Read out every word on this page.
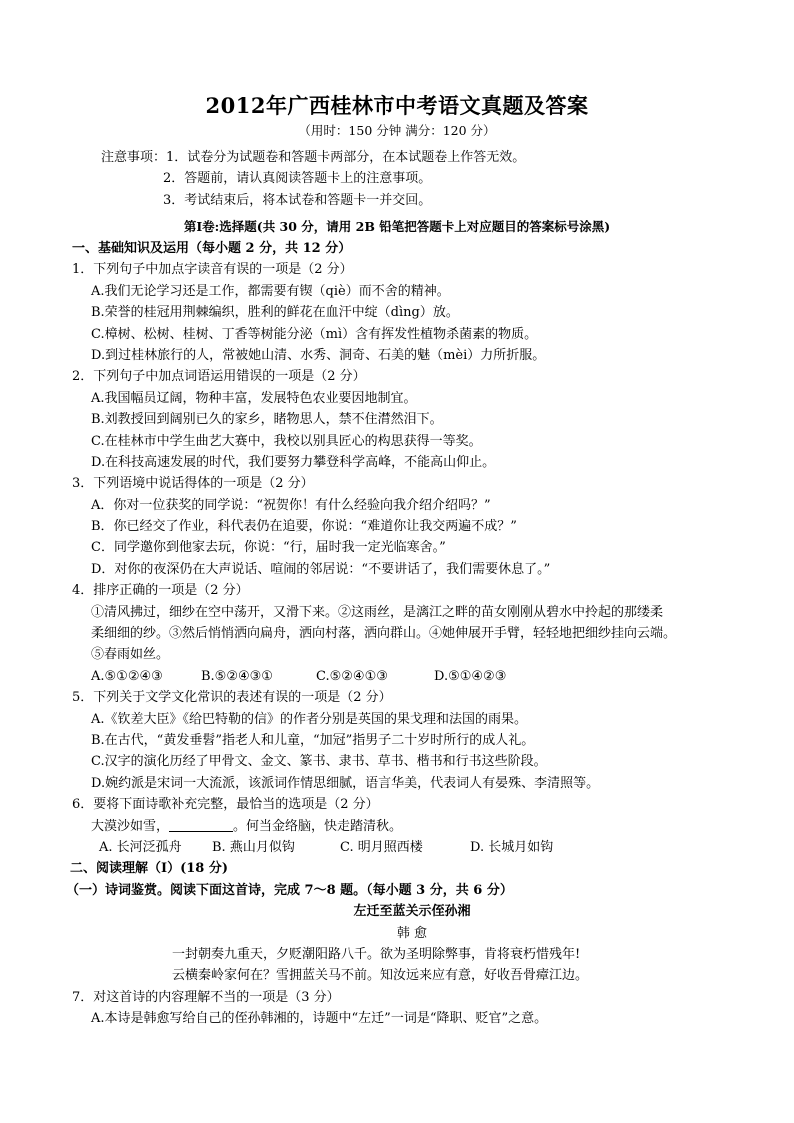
2012年广西桂林市中考语文真题及答案
（用时：150 分钟 满分：120 分）
注意事项：1．试卷分为试题卷和答题卡两部分，在本试题卷上作答无效。
2．答题前，请认真阅读答题卡上的注意事项。
3．考试结束后，将本试卷和答题卡一并交回。
第Ⅰ卷:选择题(共 30 分，请用 2B 铅笔把答题卡上对应题目的答案标号涂黑)
一、基础知识及运用（每小题 2 分，共 12 分）
1．下列句子中加点字读音有误的一项是（2 分）
A.我们无论学习还是工作，都需要有锲（qiè）而不舍的精神。
B.荣誉的桂冠用荆棘编织，胜利的鲜花在血汗中绽（dìng）放。
C.樟树、松树、桂树、丁香等树能分泌（mì）含有挥发性植物杀菌素的物质。
D.到过桂林旅行的人，常被她山清、水秀、洞奇、石美的魅（mèi）力所折服。
2．下列句子中加点词语运用错误的一项是（2 分）
A.我国幅员辽阔，物种丰富，发展特色农业要因地制宜。
B.刘教授回到阔别已久的家乡，睹物思人，禁不住潸然泪下。
C.在桂林市中学生曲艺大赛中，我校以别具匠心的构思获得一等奖。
D.在科技高速发展的时代，我们要努力攀登科学高峰，不能高山仰止。
3．下列语境中说话得体的一项是（2 分）
A．你对一位获奖的同学说：“祝贺你！有什么经验向我介绍介绍吗？”
B．你已经交了作业，科代表仍在追要，你说：“难道你让我交两遍不成？”
C．同学邀你到他家去玩，你说：“行，届时我一定光临寒舍。”
D．对你的夜深仍在大声说话、喧闹的邻居说：“不要讲话了，我们需要休息了。”
4．排序正确的一项是（2 分）
①清风拂过，细纱在空中荡开，又滑下来。②这雨丝，是漓江之畔的苗女刚刚从碧水中拎起的那缕柔
柔细细的纱。③然后悄悄洒向扁舟，洒向村落，洒向群山。④她伸展开手臂，轻轻地把细纱挂向云端。
⑤春雨如丝。
A.⑤①②④③	B.⑤②④③①	C.⑤②④①③	D.⑤①④②③
5．下列关于文学文化常识的表述有误的一项是（2 分）
A.《钦差大臣》《给巴特勒的信》的作者分别是英国的果戈理和法国的雨果。
B.在古代，“黄发垂髫”指老人和儿童，“加冠”指男子二十岁时所行的成人礼。
C.汉字的演化历经了甲骨文、金文、篆书、隶书、草书、楷书和行书这些阶段。
D.婉约派是宋词一大流派，该派词作情思细腻，语言华美，代表词人有晏殊、李清照等。
6．要将下面诗歌补充完整，最恰当的选项是（2 分）
大漠沙如雪，	。何当金络脑，快走踏清秋。
A. 长河泛孤舟 B. 燕山月似钩	C. 明月照西楼	D. 长城月如钩
二、阅读理解（Ⅰ）(18 分)
（一）诗词鉴赏。阅读下面这首诗，完成 7～8 题。（每小题 3 分，共 6 分）
左迁至蓝关示侄孙湘
韩 愈
一封朝奏九重天，夕贬潮阳路八千。欲为圣明除弊事，肯将衰朽惜残年!
云横秦岭家何在？雪拥蓝关马不前。知汝远来应有意，好收吾骨瘴江边。
7．对这首诗的内容理解不当的一项是（3 分）
A.本诗是韩愈写给自己的侄孙韩湘的，诗题中“左迁”一词是“降职、贬官”之意。
